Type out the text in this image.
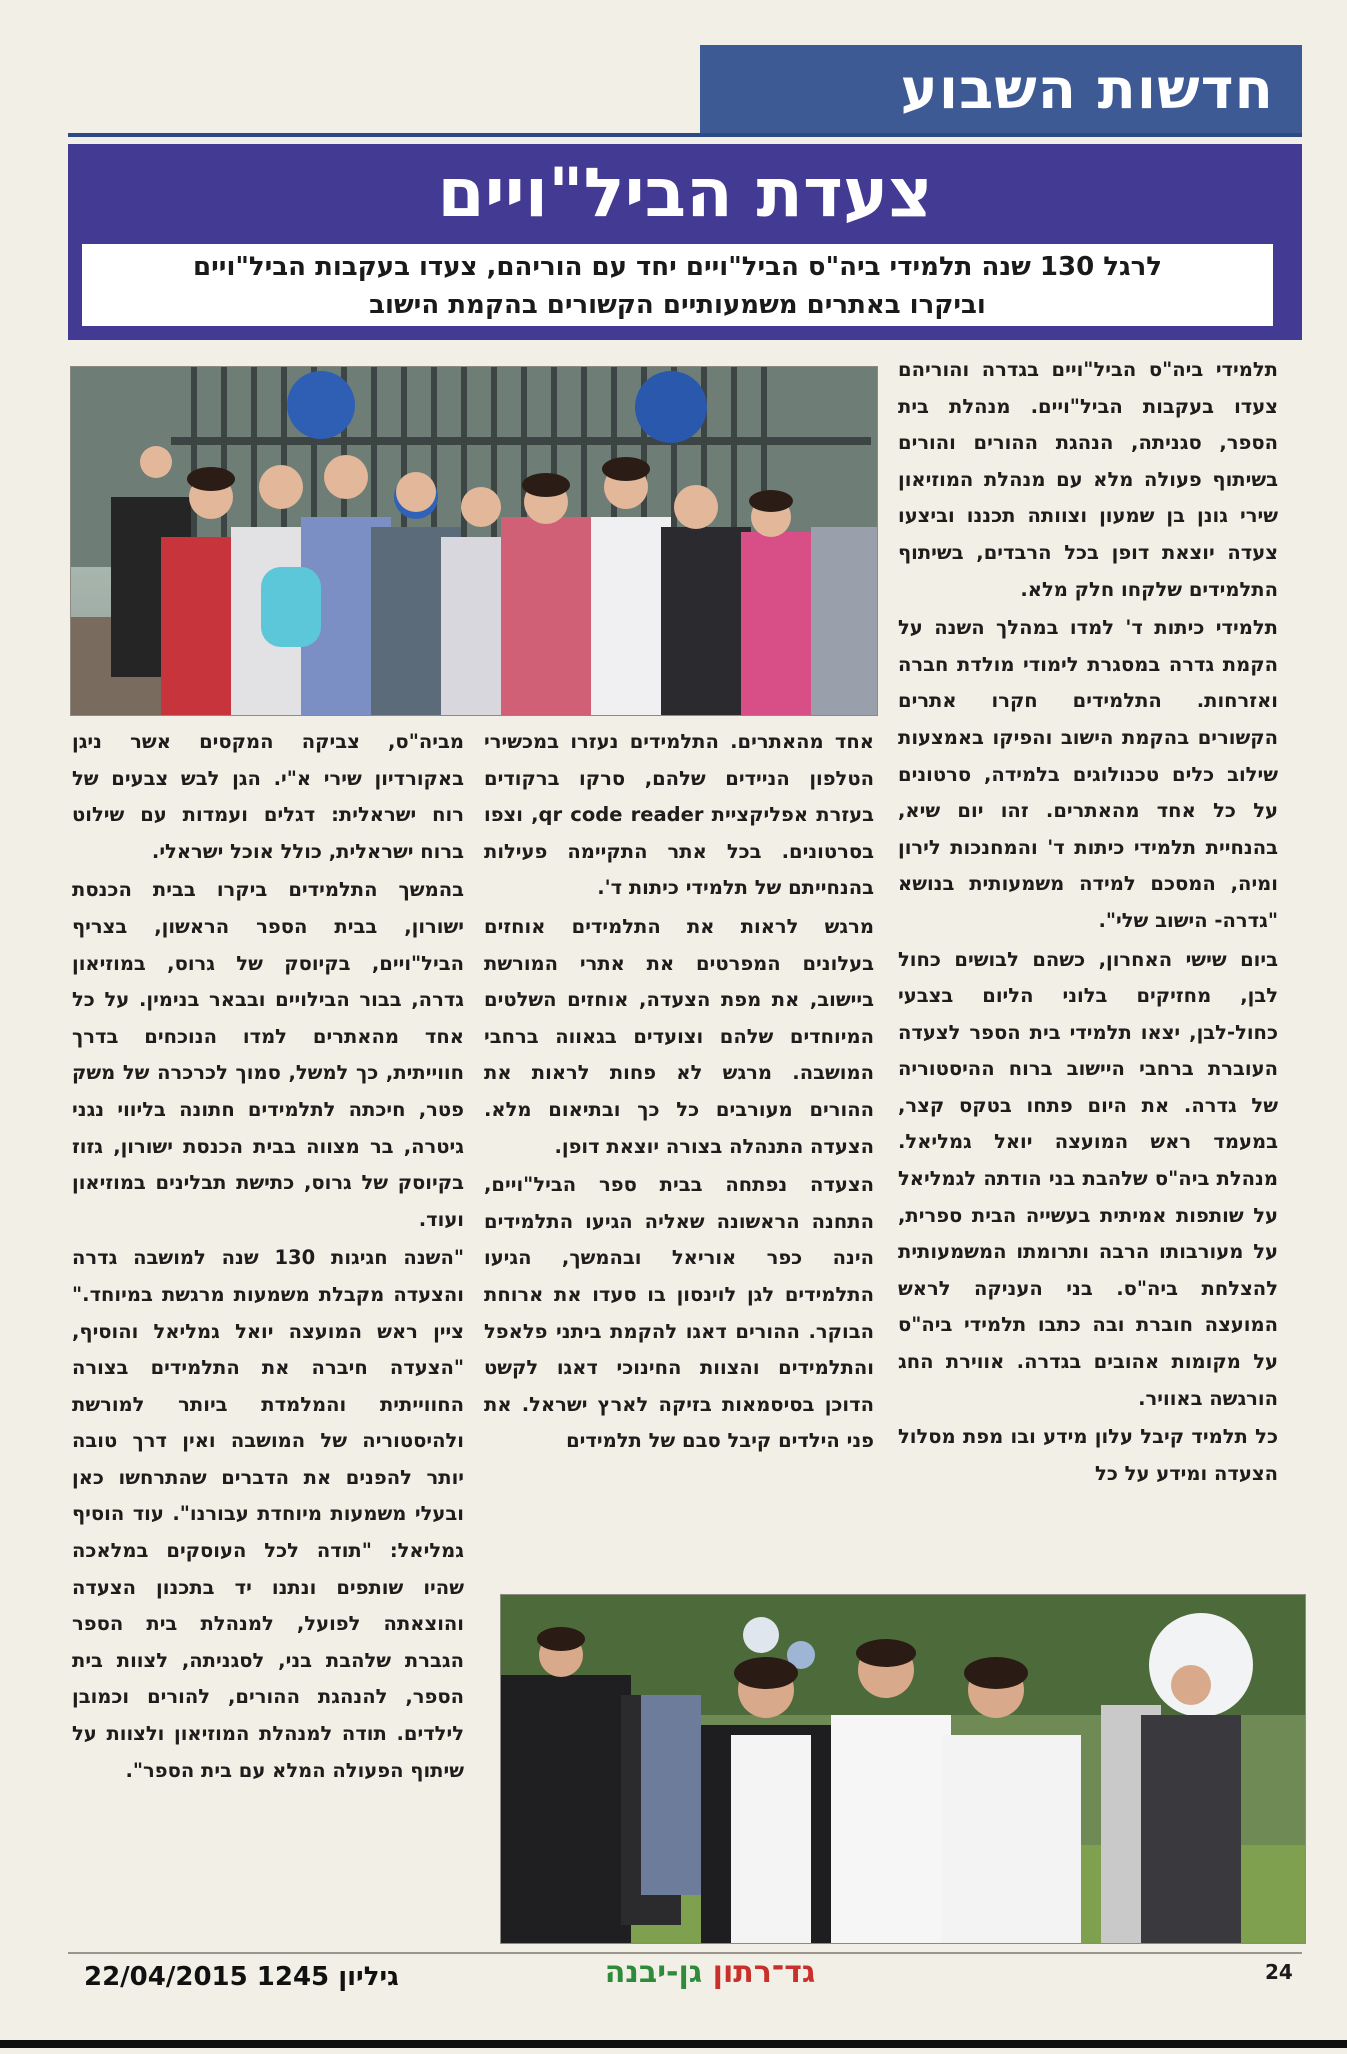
חדשות השבוע
צעדת הביל"ויים
לרגל 130 שנה תלמידי ביה"ס הביל"ויים יחד עם הוריהם, צעדו בעקבות הביל"ויים
וביקרו באתרים משמעותיים הקשורים בהקמת הישוב

תלמידי ביה"ס הביל"ויים בגדרה והוריהם צעדו בעקבות הביל"ויים. מנהלת בית הספר, סגניתה, הנהגת ההורים והורים בשיתוף פעולה מלא עם מנהלת המוזיאון שירי גונן בן שמעון וצוותה תכננו וביצעו צעדה יוצאת דופן בכל הרבדים, בשיתוף התלמידים שלקחו חלק מלא.

תלמידי כיתות ד' למדו במהלך השנה על הקמת גדרה במסגרת לימודי מולדת חברה ואזרחות. התלמידים חקרו אתרים הקשורים בהקמת הישוב והפיקו באמצעות שילוב כלים טכנולוגים בלמידה, סרטונים על כל אחד מהאתרים. זהו יום שיא, בהנחיית תלמידי כיתות ד' והמחנכות לירון ומיה, המסכם למידה משמעותית בנושא "גדרה- הישוב שלי".

ביום שישי האחרון, כשהם לבושים כחול לבן, מחזיקים בלוני הליום בצבעי כחול-לבן, יצאו תלמידי בית הספר לצעדה העוברת ברחבי היישוב ברוח ההיסטוריה של גדרה. את היום פתחו בטקס קצר, במעמד ראש המועצה יואל גמליאל. מנהלת ביה"ס שלהבת בני הודתה לגמליאל על שותפות אמיתית בעשייה הבית ספרית, על מעורבותו הרבה ותרומתו המשמעותית להצלחת ביה"ס. בני העניקה לראש המועצה חוברת ובה כתבו תלמידי ביה"ס על מקומות אהובים בגדרה. אווירת החג הורגשה באוויר.

כל תלמיד קיבל עלון מידע ובו מפת מסלול הצעדה ומידע על כל

אחד מהאתרים. התלמידים נעזרו במכשירי הטלפון הניידים שלהם, סרקו ברקודים בעזרת אפליקציית qr code reader, וצפו בסרטונים. בכל אתר התקיימה פעילות בהנחייתם של תלמידי כיתות ד'.

מרגש לראות את התלמידים אוחזים בעלונים המפרטים את אתרי המורשת ביישוב, את מפת הצעדה, אוחזים השלטים המיוחדים שלהם וצועדים בגאווה ברחבי המושבה. מרגש לא פחות לראות את ההורים מעורבים כל כך ובתיאום מלא. הצעדה התנהלה בצורה יוצאת דופן.

הצעדה נפתחה בבית ספר הביל"ויים, התחנה הראשונה שאליה הגיעו התלמידים הינה כפר אוריאל ובהמשך, הגיעו התלמידים לגן לוינסון בו סעדו את ארוחת הבוקר. ההורים דאגו להקמת ביתני פלאפל והתלמידים והצוות החינוכי דאגו לקשט הדוכן בסיסמאות בזיקה לארץ ישראל. את פני הילדים קיבל סבם של תלמידים

מביה"ס, צביקה המקסים אשר ניגן באקורדיון שירי א"י. הגן לבש צבעים של רוח ישראלית: דגלים ועמדות עם שילוט ברוח ישראלית, כולל אוכל ישראלי.

בהמשך התלמידים ביקרו בבית הכנסת ישורון, בבית הספר הראשון, בצריף הביל"ויים, בקיוסק של גרוס, במוזיאון גדרה, בבור הבילויים ובבאר בנימין. על כל אחד מהאתרים למדו הנוכחים בדרך חווייתית, כך למשל, סמוך לכרכרה של משק פטר, חיכתה לתלמידים חתונה בליווי נגני גיטרה, בר מצווה בבית הכנסת ישורון, גזוז בקיוסק של גרוס, כתישת תבלינים במוזיאון ועוד.

"השנה חגיגות 130 שנה למושבה גדרה והצעדה מקבלת משמעות מרגשת במיוחד." ציין ראש המועצה יואל גמליאל והוסיף, "הצעדה חיברה את התלמידים בצורה החווייתית והמלמדת ביותר למורשת ולהיסטוריה של המושבה ואין דרך טובה יותר להפנים את הדברים שהתרחשו כאן ובעלי משמעות מיוחדת עבורנו". עוד הוסיף גמליאל: "תודה לכל העוסקים במלאכה שהיו שותפים ונתנו יד בתכנון הצעדה והוצאתה לפועל, למנהלת בית הספר הגברת שלהבת בני, לסגניתה, לצוות בית הספר, להנהגת ההורים, להורים וכמובן לילדים. תודה למנהלת המוזיאון ולצוות על שיתוף הפעולה המלא עם בית הספר".

24
גד־רתון גן-יבנה
גיליון 1245 22/04/2015
